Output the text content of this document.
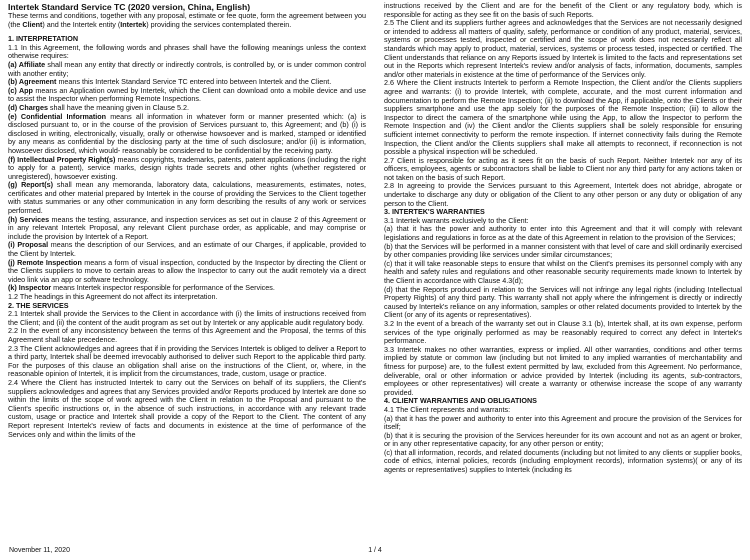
Intertek Standard Service TC (2020 version, China, English)

These terms and conditions, together with any proposal, estimate or fee quote, form the agreement between you (the Client) and the Intertek entity (Intertek) providing the services contemplated therein.

1. INTERPRETATION

1.1 In this Agreement, the following words and phrases shall have the following meanings unless the context otherwise requires:

(a) Affiliate shall mean any entity that directly or indirectly controls, is controlled by, or is under common control with another entity;

(b) Agreement means this Intertek Standard Service TC entered into between Intertek and the Client.

(c) App means an Application owned by Intertek, which the Client can download onto a mobile device and use to assist the Inspector when performing Remote Inspections.

(d) Charges shall have the meaning given in Clause 5.2.

(e) Confidential Information means all information in whatever form or manner presented which: (a) is disclosed pursuant to, or in the course of the provision of Services pursuant to, this Agreement; and (b) (i) is disclosed in writing, electronically, visually, orally or otherwise howsoever and is marked, stamped or identified by any means as confidential by the disclosing party at the time of such disclosure; and/or (ii) is information, howsoever disclosed, which would- reasonably be considered to be confidential by the receiving party.

(f) Intellectual Property Right(s) means copyrights, trademarks, patents, patent applications (including the right to apply for a patent), service marks, design rights trade secrets and other rights (whether registered or unregistered), howsoever existing.

(g) Report(s) shall mean any memoranda, laboratory data, calculations, measurements, estimates, notes, certificates and other material prepared by Intertek in the course of providing the Services to the Client together with status summaries or any other communication in any form describing the results of any work or services performed.

(h) Services means the testing, assurance, and inspection services as set out in clause 2 of this Agreement or in any relevant Intertek Proposal, any relevant Client purchase order, as applicable, and may comprise or include the provision by Intertek of a Report.

(i) Proposal means the description of our Services, and an estimate of our Charges, if applicable, provided to the Client by Intertek.

(j) Remote Inspection means a form of visual inspection, conducted by the Inspector by directing the Client or the Clients suppliers to move to certain areas to allow the Inspector to carry out the audit remotely via a direct video link via an app or software technology.

(k) Inspector means Intertek inspector responsible for performance of the Services.

1.2 The headings in this Agreement do not affect its interpretation.

2. THE SERVICES

2.1 Intertek shall provide the Services to the Client in accordance with (i) the limits of instructions received from the Client; and (ii) the content of the audit program as set out by Intertek or any applicable audit regulatory body.

2.2 In the event of any inconsistency between the terms of this Agreement and the Proposal, the terms of this Agreement shall take precedence.

2.3 The Client acknowledges and agrees that if in providing the Services Intertek is obliged to deliver a Report to a third party, Intertek shall be deemed irrevocably authorised to deliver such Report to the applicable third party. For the purposes of this clause an obligation shall arise on the instructions of the Client, or, where, in the reasonable opinion of Intertek, it is implicit from the circumstances, trade, custom, usage or practice.

2.4 Where the Client has instructed Intertek to carry out the Services on behalf of its suppliers, the Client's suppliers acknowledges and agrees that any Services provided and/or Reports produced by Intertek are done so within the limits of the scope of work agreed with the Client in relation to the Proposal and pursuant to the Client's specific instructions or, in the absence of such instructions, in accordance with any relevant trade custom, usage or practice and Intertek shall provide a copy of the Report to the Client. The content of any Report represent Intertek's review of facts and documents in existence at the time of performance of the Services only and within the limits of the

instructions received by the Client and are for the benefit of the Client or any regulatory body, which is responsible for acting as they see fit on the basis of such Reports.

2.5 The Client and its suppliers further agrees and acknowledges that the Services are not necessarily designed or intended to address all matters of quality, safety, performance or condition of any product, material, services, systems or processes tested, inspected or certified and the scope of work does not necessarily reflect all standards which may apply to product, material, services, systems or process tested, inspected or certified. The Client understands that reliance on any Reports issued by Intertek is limited to the facts and representations set out in the Reports which represent Intertek's review and/or analysis of facts, information, documents, samples and/or other materials in existence at the time of performance of the Services only.

2.6 Where the Client instructs Intertek to perform a Remote Inspection, the Client and/or the Clients suppliers agree and warrants: (i) to provide Intertek, with complete, accurate, and the most current information and documentation to perform the Remote Inspection; (ii) to download the App, if applicable, onto the Clients or their suppliers smartphone and use the app solely for the purposes of the Remote Inspection; (iii) to allow the Inspector to direct the camera of the smartphone while using the App, to allow the Inspector to perform the Remote Inspection and (iv) the Client and/or the Clients suppliers shall be solely responsible for ensuring sufficient internet connectivity to perform the remote inspection. If internet connectivity fails during the Remote Inspection, the Client and/or the Clients suppliers shall make all attempts to reconnect, if reconnection is not possible a physical inspection will be scheduled.

2.7 Client is responsible for acting as it sees fit on the basis of such Report. Neither Intertek nor any of its officers, employees, agents or subcontractors shall be liable to Client nor any third party for any actions taken or not taken on the basis of such Report.

2.8 In agreeing to provide the Services pursuant to this Agreement, Intertek does not abridge, abrogate or undertake to discharge any duty or obligation of the Client to any other person or any duty or obligation of any person to the Client.

3. INTERTEK'S WARRANTIES

3.1 Intertek warrants exclusively to the Client:

(a) that it has the power and authority to enter into this Agreement and that it will comply with relevant legislations and regulations in force as at the date of this Agreement in relation to the provision of the Services;

(b) that the Services will be performed in a manner consistent with that level of care and skill ordinarily exercised by other companies providing like services under similar circumstances;

(c) that it will take reasonable steps to ensure that whilst on the Client's premises its personnel comply with any health and safety rules and regulations and other reasonable security requirements made known to Intertek by the Client in accordance with Clause 4.3(d);

(d) that the Reports produced in relation to the Services will not infringe any legal rights (including Intellectual Property Rights) of any third party. This warranty shall not apply where the infringement is directly or indirectly caused by Intertek's reliance on any information, samples or other related documents provided to Intertek by the Client (or any of its agents or representatives).

3.2 In the event of a breach of the warranty set out in Clause 3.1 (b), Intertek shall, at its own expense, perform services of the type originally performed as may be reasonably required to correct any defect in Intertek's performance.

3.3 Intertek makes no other warranties, express or implied. All other warranties, conditions and other terms implied by statute or common law (including but not limited to any implied warranties of merchantability and fitness for purpose) are, to the fullest extent permitted by law, excluded from this Agreement. No performance, deliverable, oral or other information or advice provided by Intertek (including its agents, sub-contractors, employees or other representatives) will create a warranty or otherwise increase the scope of any warranty provided.

4. CLIENT WARRANTIES AND OBLIGATIONS

4.1 The Client represents and warrants:

(a) that it has the power and authority to enter into this Agreement and procure the provision of the Services for itself;

(b) that it is securing the provision of the Services hereunder for its own account and not as an agent or broker, or in any other representative capacity, for any other person or entity;

(c) that all information, records, and related documents (including but not limited to any clients or supplier books, code of ethics, internal policies, records (including employment records), information systems)( or any of its agents or representatives) supplies to Intertek (including its

November 11, 2020	1 / 4
